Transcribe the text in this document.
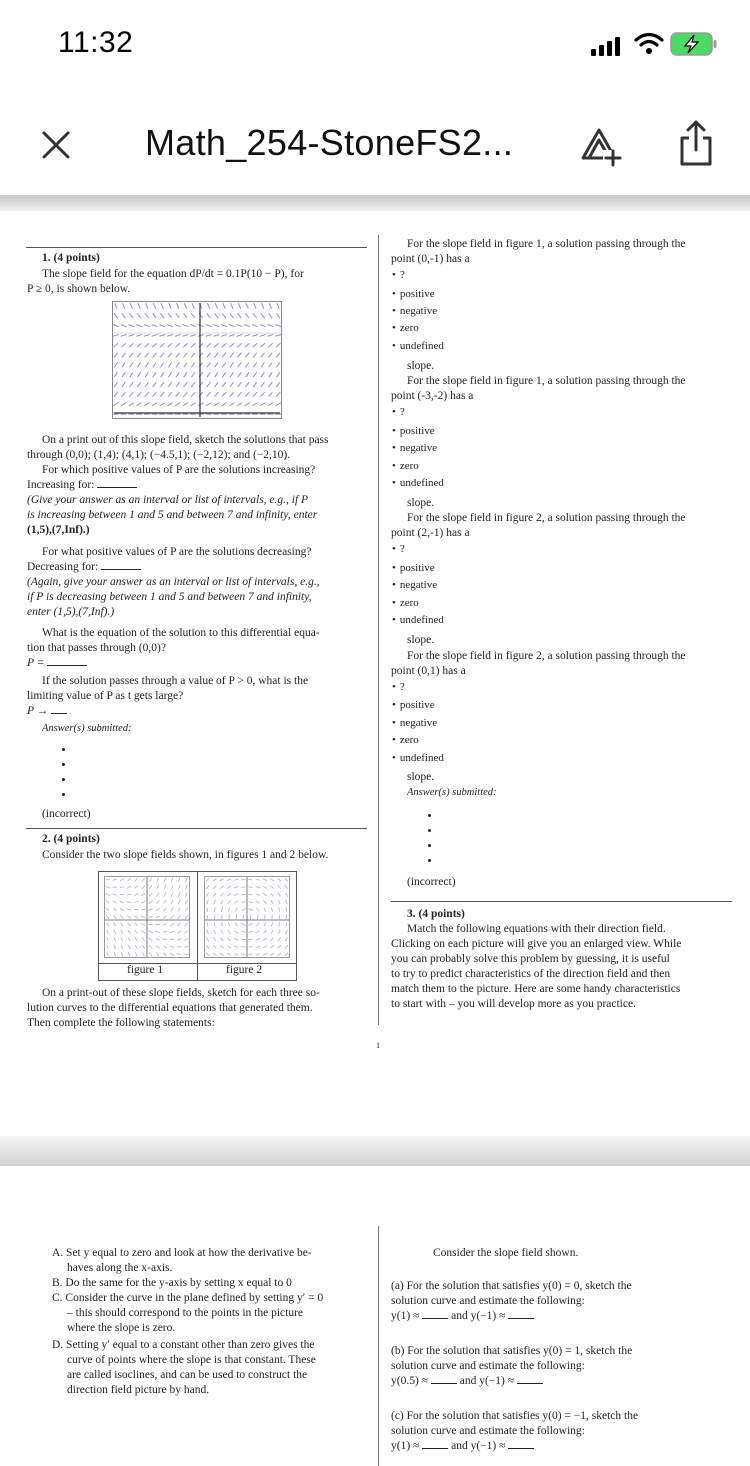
11:32
Math_254-StoneFS2...
1. (4 points)
The slope field for the equation dP/dt = 0.1P(10 − P), for
P ≥ 0, is shown below.
On a print out of this slope field, sketch the solutions that pass
through (0,0); (1,4); (4,1); (−4.5,1); (−2,12); and (−2,10).
For which positive values of P are the solutions increasing?
Increasing for:
(Give your answer as an interval or list of intervals, e.g., if P
is increasing between 1 and 5 and between 7 and infinity, enter
(1,5),(7,Inf).)
For what positive values of P are the solutions decreasing?
Decreasing for:
(Again, give your answer as an interval or list of intervals, e.g.,
if P is decreasing between 1 and 5 and between 7 and infinity,
enter (1,5),(7,Inf).)
What is the equation of the solution to this differential equa-
tion that passes through (0,0)?
P =
If the solution passes through a value of P > 0, what is the
limiting value of P as t gets large?
P →
Answer(s) submitted:
(incorrect)
2. (4 points)
Consider the two slope fields shown, in figures 1 and 2 below.
figure 1	figure 2
On a print-out of these slope fields, sketch for each three so-
lution curves to the differential equations that generated them.
Then complete the following statements:
For the slope field in figure 1, a solution passing through the
point (0,-1) has a
• ?
• positive
• negative
• zero
• undefined
slope.
For the slope field in figure 1, a solution passing through the
point (-3,-2) has a
• ?
• positive
• negative
• zero
• undefined
slope.
For the slope field in figure 2, a solution passing through the
point (2,-1) has a
• ?
• positive
• negative
• zero
• undefined
slope.
For the slope field in figure 2, a solution passing through the
point (0,1) has a
• ?
• positive
• negative
• zero
• undefined
slope.
Answer(s) submitted:
(incorrect)
3. (4 points)
Match the following equations with their direction field.
Clicking on each picture will give you an enlarged view. While
you can probably solve this problem by guessing, it is useful
to try to predict characteristics of the direction field and then
match them to the picture. Here are some handy characteristics
to start with – you will develop more as you practice.
1
A. Set y equal to zero and look at how the derivative be-
haves along the x-axis.
B. Do the same for the y-axis by setting x equal to 0
C. Consider the curve in the plane defined by setting y′ = 0
– this should correspond to the points in the picture
where the slope is zero.
D. Setting y′ equal to a constant other than zero gives the
curve of points where the slope is that constant. These
are called isoclines, and can be used to construct the
direction field picture by hand.
Consider the slope field shown.
(a) For the solution that satisfies y(0) = 0, sketch the
solution curve and estimate the following:
y(1) ≈	and y(−1) ≈
(b) For the solution that satisfies y(0) = 1, sketch the
solution curve and estimate the following:
y(0.5) ≈	and y(−1) ≈
(c) For the solution that satisfies y(0) = −1, sketch the
solution curve and estimate the following:
y(1) ≈	and y(−1) ≈
